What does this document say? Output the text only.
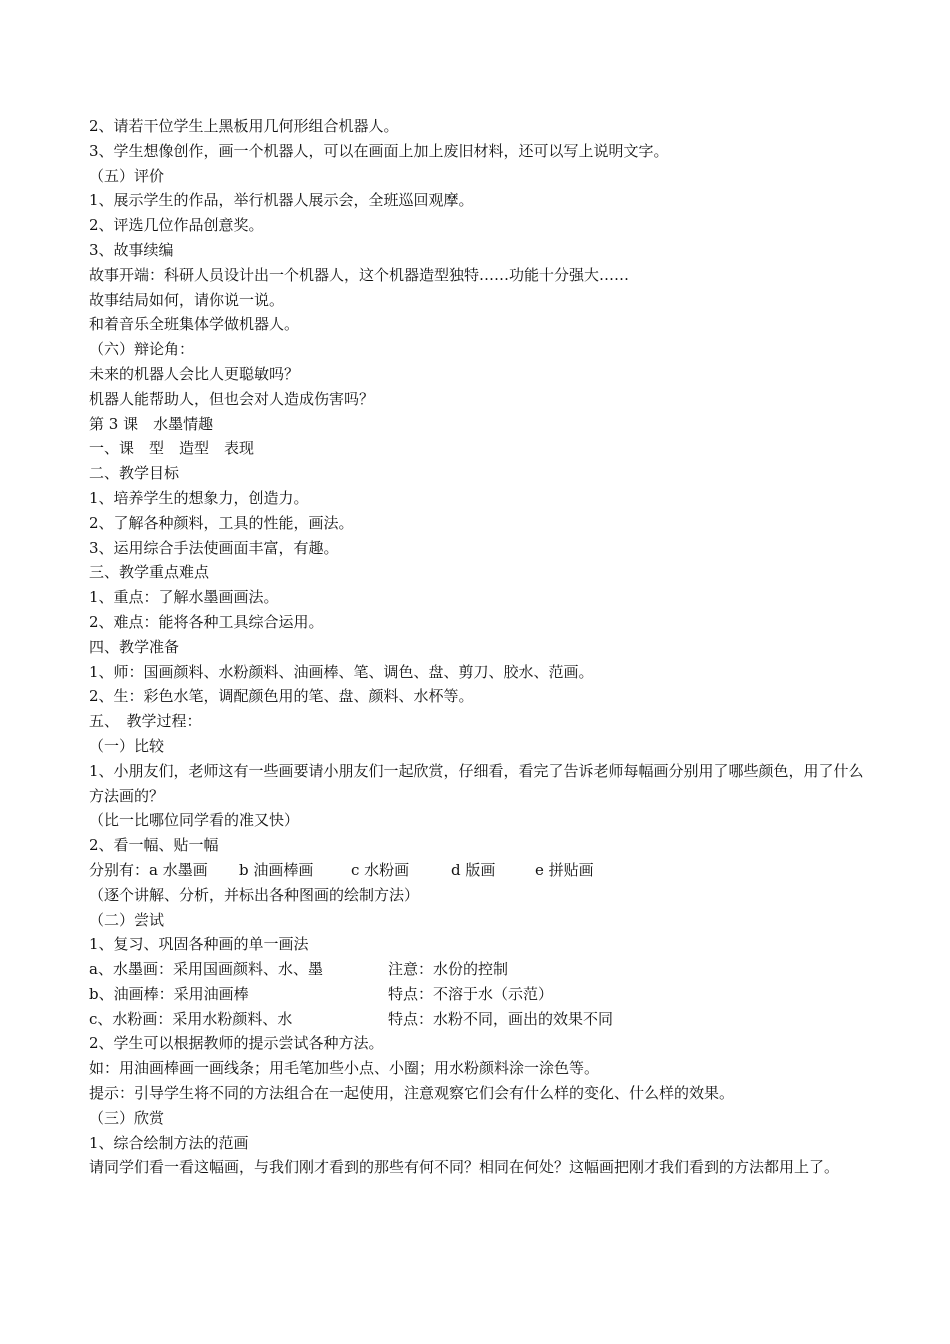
2、请若干位学生上黑板用几何形组合机器人。
3、学生想像创作，画一个机器人，可以在画面上加上废旧材料，还可以写上说明文字。
（五）评价
1、展示学生的作品，举行机器人展示会，全班巡回观摩。
2、评选几位作品创意奖。
3、故事续编
故事开端：科研人员设计出一个机器人，这个机器造型独特……功能十分强大……
故事结局如何，请你说一说。
和着音乐全班集体学做机器人。
（六）辩论角：
未来的机器人会比人更聪敏吗？
机器人能帮助人，但也会对人造成伤害吗？
第 3 课　水墨情趣
一、课　型　造型　表现
二、教学目标
1、培养学生的想象力，创造力。
2、了解各种颜料，工具的性能，画法。
3、运用综合手法使画面丰富，有趣。
三、教学重点难点
1、重点：了解水墨画画法。
2、难点：能将各种工具综合运用。
四、教学准备
1、师：国画颜料、水粉颜料、油画棒、笔、调色、盘、剪刀、胶水、范画。
2、生：彩色水笔，调配颜色用的笔、盘、颜料、水杯等。
五、　教学过程：
（一）比较
1、小朋友们，老师这有一些画要请小朋友们一起欣赏，仔细看，看完了告诉老师每幅画分别用了哪些颜色，用了什么方法画的？
（比一比哪位同学看的准又快）
2、看一幅、贴一幅
分别有：a 水墨画 b 油画棒画	c 水粉画	d 版画	e 拼贴画
（逐个讲解、分析，并标出各种图画的绘制方法）
（二）尝试
1、复习、巩固各种画的单一画法
a、水墨画：采用国画颜料、水、墨	注意：水份的控制
b、油画棒：采用油画棒	特点：不溶于水（示范）
c、水粉画：采用水粉颜料、水	特点：水粉不同，画出的效果不同
2、学生可以根据教师的提示尝试各种方法。
如：用油画棒画一画线条；用毛笔加些小点、小圈；用水粉颜料涂一涂色等。
提示：引导学生将不同的方法组合在一起使用，注意观察它们会有什么样的变化、什么样的效果。
（三）欣赏
1、综合绘制方法的范画
请同学们看一看这幅画，与我们刚才看到的那些有何不同？相同在何处？这幅画把刚才我们看到的方法都用上了。
